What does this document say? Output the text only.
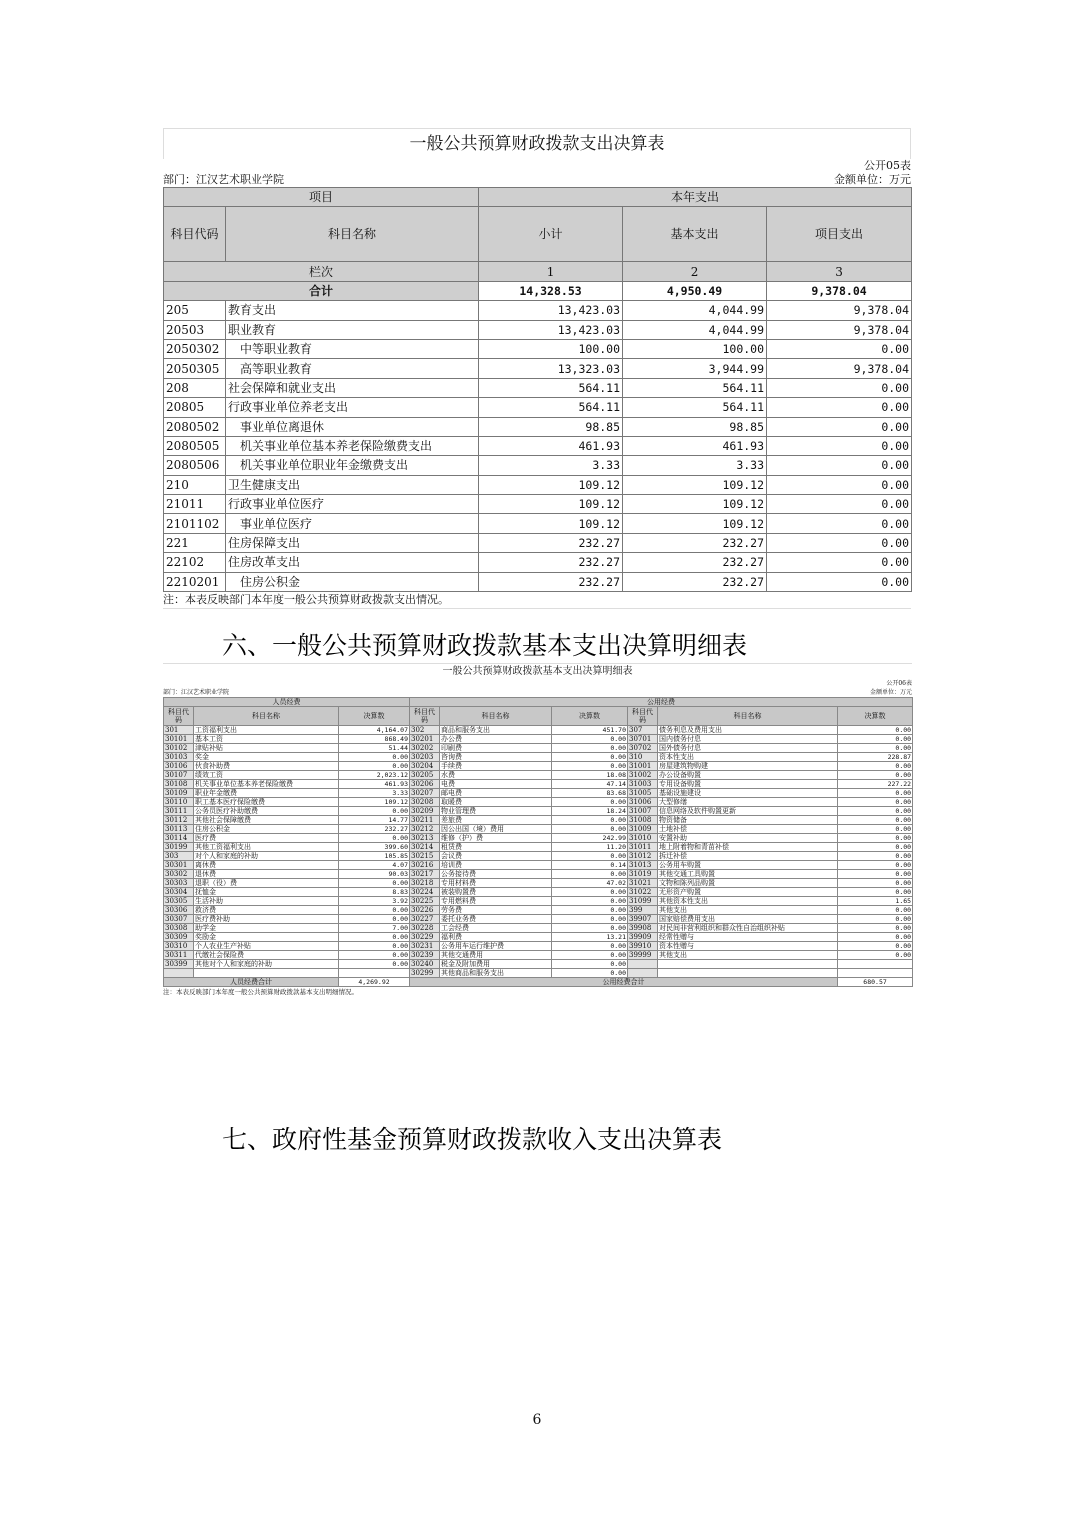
一般公共预算财政拨款支出决算表
公开05表
部门：江汉艺术职业学院	金额单位：万元
项目		本年支出		
科目代码	科目名称	小计	基本支出	项目支出
栏次		1	2	3
合计		14,328.53	4,950.49	9,378.04
205	教育支出	13,423.03	4,044.99	9,378.04
20503	职业教育	13,423.03	4,044.99	9,378.04
2050302	中等职业教育	100.00	100.00	0.00
2050305	高等职业教育	13,323.03	3,944.99	9,378.04
208	社会保障和就业支出	564.11	564.11	0.00
20805	行政事业单位养老支出	564.11	564.11	0.00
2080502	事业单位离退休	98.85	98.85	0.00
2080505	机关事业单位基本养老保险缴费支出	461.93	461.93	0.00
2080506	机关事业单位职业年金缴费支出	3.33	3.33	0.00
210	卫生健康支出	109.12	109.12	0.00
21011	行政事业单位医疗	109.12	109.12	0.00
2101102	事业单位医疗	109.12	109.12	0.00
221	住房保障支出	232.27	232.27	0.00
22102	住房改革支出	232.27	232.27	0.00
2210201	住房公积金	232.27	232.27	0.00
注：本表反映部门本年度一般公共预算财政拨款支出情况。
六、一般公共预算财政拨款基本支出决算明细表
一般公共预算财政拨款基本支出决算明细表
公开06表
部门：江汉艺术职业学院	金额单位：万元
人员经费			公用经费					
科目代码	科目名称	决算数	科目代码	科目名称	决算数	科目代码	科目名称	决算数
301	工资福利支出	4,164.07	302	商品和服务支出	451.70	307	债务利息及费用支出	0.00
30101	基本工资	868.49	30201	办公费	0.00	30701	国内债务付息	0.00
30102	津贴补贴	51.44	30202	印刷费	0.00	30702	国外债务付息	0.00
30103	奖金	0.00	30203	咨询费	0.00	310	资本性支出	228.87
30106	伙食补助费	0.00	30204	手续费	0.00	31001	房屋建筑物购建	0.00
30107	绩效工资	2,023.12	30205	水费	18.08	31002	办公设备购置	0.00
30108	机关事业单位基本养老保险缴费	461.93	30206	电费	47.14	31003	专用设备购置	227.22
30109	职业年金缴费	3.33	30207	邮电费	83.68	31005	基础设施建设	0.00
30110	职工基本医疗保险缴费	109.12	30208	取暖费	0.00	31006	大型修缮	0.00
30111	公务员医疗补助缴费	0.00	30209	物业管理费	18.24	31007	信息网络及软件购置更新	0.00
30112	其他社会保障缴费	14.77	30211	差旅费	0.00	31008	物资储备	0.00
30113	住房公积金	232.27	30212	因公出国（境）费用	0.00	31009	土地补偿	0.00
30114	医疗费	0.00	30213	维修（护）费	242.99	31010	安置补助	0.00
30199	其他工资福利支出	399.60	30214	租赁费	11.20	31011	地上附着物和青苗补偿	0.00
303	对个人和家庭的补助	105.85	30215	会议费	0.00	31012	拆迁补偿	0.00
30301	离休费	4.07	30216	培训费	0.14	31013	公务用车购置	0.00
30302	退休费	90.03	30217	公务接待费	0.00	31019	其他交通工具购置	0.00
30303	退职（役）费	0.00	30218	专用材料费	47.02	31021	文物和陈列品购置	0.00
30304	抚恤金	8.83	30224	被装购置费	0.00	31022	无形资产购置	0.00
30305	生活补助	3.92	30225	专用燃料费	0.00	31099	其他资本性支出	1.65
30306	救济费	0.00	30226	劳务费	0.00	399	其他支出	0.00
30307	医疗费补助	0.00	30227	委托业务费	0.00	39907	国家赔偿费用支出	0.00
30308	助学金	7.00	30228	工会经费	0.00	39908	对民间非营利组织和群众性自治组织补贴	0.00
30309	奖励金	0.00	30229	福利费	13.21	39909	经常性赠与	0.00
30310	个人农业生产补贴	0.00	30231	公务用车运行维护费	0.00	39910	资本性赠与	0.00
30311	代缴社会保险费	0.00	30239	其他交通费用	0.00	39999	其他支出	0.00
30399	其他对个人和家庭的补助	0.00	30240	税金及附加费用	0.00			
			30299	其他商品和服务支出	0.00			
人员经费合计		4,269.92	公用经费合计					680.57
注：本表反映部门本年度一般公共预算财政拨款基本支出明细情况。
七、政府性基金预算财政拨款收入支出决算表
6
